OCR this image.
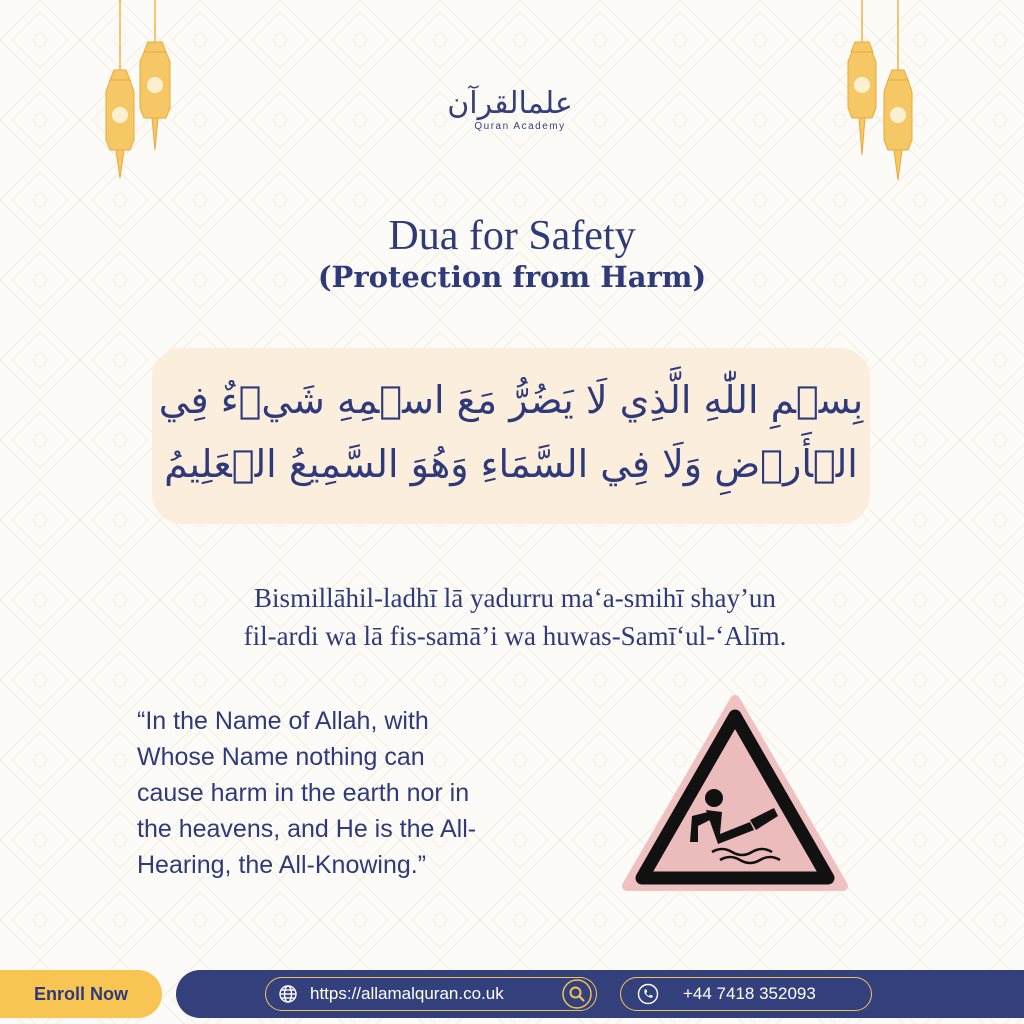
علمالقرآن
Quran Academy
Dua for Safety
(Protection from Harm)
بِسۡمِ اللّٰهِ الَّذِي لَا يَضُرُّ مَعَ اسۡمِهِ شَيۡءٌ فِي
الۡأَرۡضِ وَلَا فِي السَّمَاءِ وَهُوَ السَّمِيعُ الۡعَلِيمُ
Bismillāhil-ladhī lā yadurru ma‘a-smihī shay’un
fil-ardi wa lā fis-samā’i wa huwas-Samī‘ul-‘Alīm.
“In the Name of Allah, with
Whose Name nothing can
cause harm in the earth nor in
the heavens, and He is the All-
Hearing, the All-Knowing.”
Enroll Now	https://allamalquran.co.uk	+44 7418 352093
